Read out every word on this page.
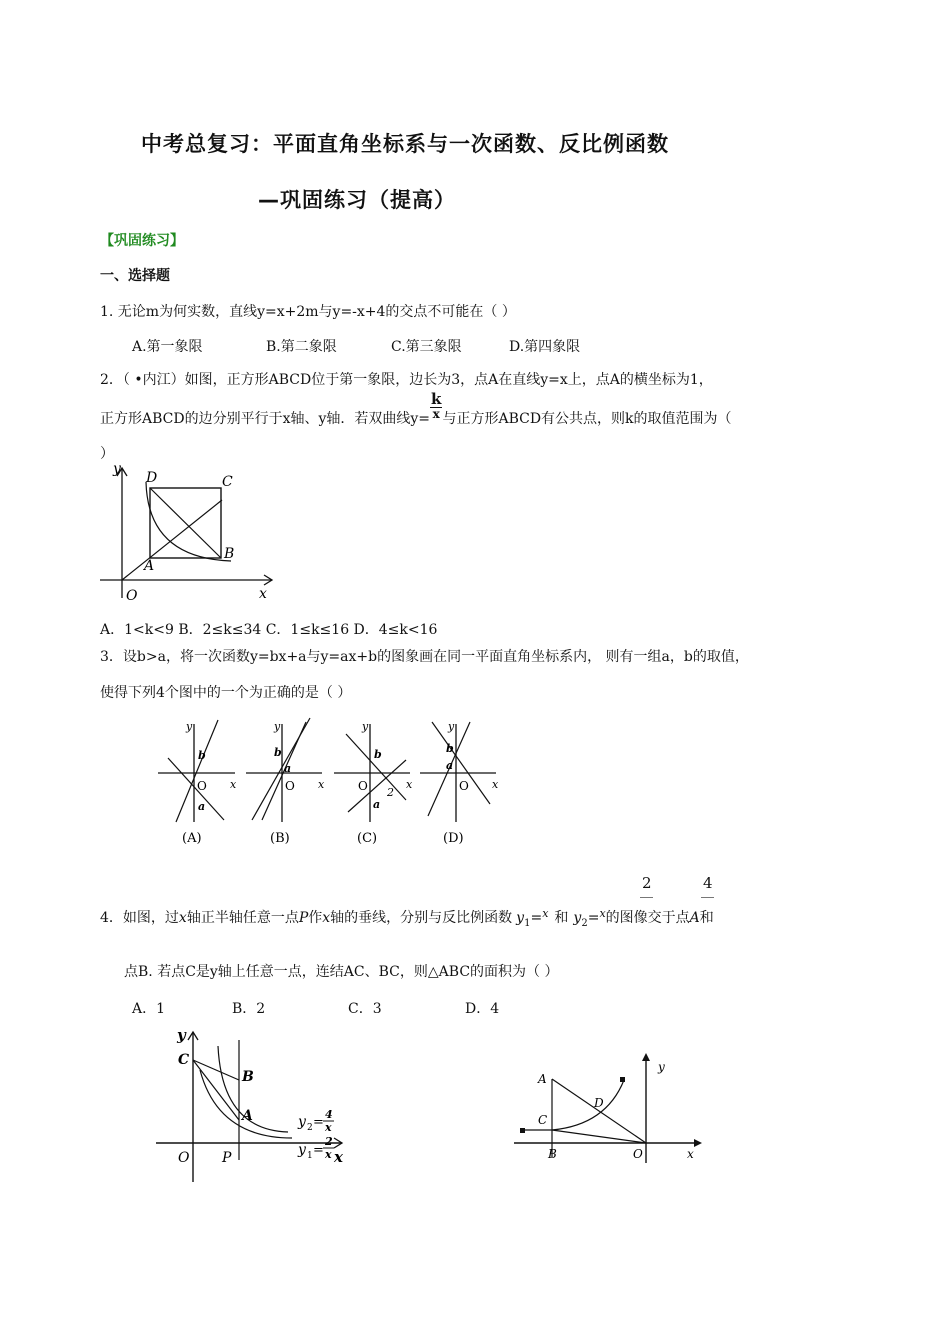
中考总复习：平面直角坐标系与一次函数、反比例函数
—巩固练习（提高）
【巩固练习】
一、选择题
1. 无论m为何实数，直线y=x+2m与y=-x+4的交点不可能在（ ）
A.第一象限	B.第二象限	C.第三象限	D.第四象限
2．（ •内江）如图，正方形ABCD位于第一象限，边长为3，点A在直线y=x上，点A的横坐标为1，
正方形ABCD的边分别平行于x轴、y轴．若双曲线$y= \frac{k}{x}$ 与正方形ABCD有公共点，则k的取值范围为（
）
y
x
O
A
B
C
D
A．1<k<9 B．2≤k≤34 C．1≤k≤16 D．4≤k<16
3．设b>a，将一次函数y=bx+a与y=ax+b的图象画在同一平面直角坐标系内， 则有一组a，b的取值，
使得下列4个图中的一个为正确的是（ ）
y
x
O
b
a
(A)
y
x
O
b
a
(B)
y
x
O
b
2
a
(C)
y
x
O
b
a
(D)
4．如图，过x轴正半轴任意一点P作x轴的垂线，分别与反比例函数 $y_1=^x$ 和 $y_2=^x$的图像交于点A和
2	4
点B. 若点C是y轴上任意一点，连结AC、BC，则△ABC的面积为（ ）
A．1	B．2	C．3	D．4
y
x
O P
C
B
A	y 2 =
4
x
y 1 =
2
x
A
C
D
B	O
y
x
